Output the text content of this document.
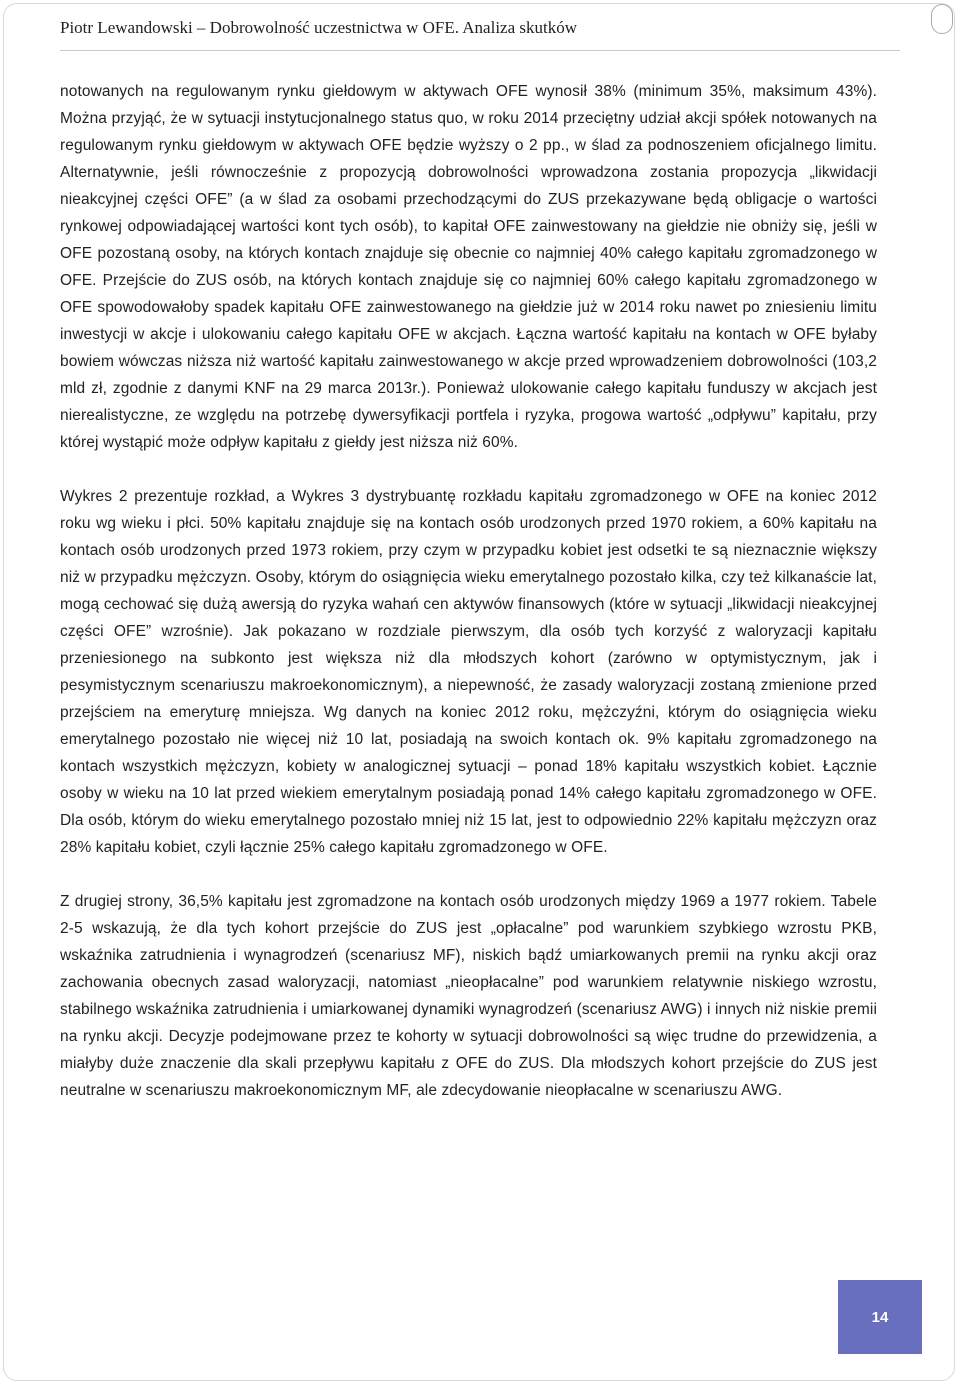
Piotr Lewandowski – Dobrowolność uczestnictwa w OFE. Analiza skutków

notowanych na regulowanym rynku giełdowym w aktywach OFE wynosił 38% (minimum 35%, maksimum 43%). Można przyjąć, że w sytuacji instytucjonalnego status quo, w roku 2014 przeciętny udział akcji spółek notowanych na regulowanym rynku giełdowym w aktywach OFE będzie wyższy o 2 pp., w ślad za podnoszeniem oficjalnego limitu. Alternatywnie, jeśli równocześnie z propozycją dobrowolności wprowadzona zostania propozycja „likwidacji nieakcyjnej części OFE” (a w ślad za osobami przechodzącymi do ZUS przekazywane będą obligacje o wartości rynkowej odpowiadającej wartości kont tych osób), to kapitał OFE zainwestowany na giełdzie nie obniży się, jeśli w OFE pozostaną osoby, na których kontach znajduje się obecnie co najmniej 40% całego kapitału zgromadzonego w OFE. Przejście do ZUS osób, na których kontach znajduje się co najmniej 60% całego kapitału zgromadzonego w OFE spowodowałoby spadek kapitału OFE zainwestowanego na giełdzie już w 2014 roku nawet po zniesieniu limitu inwestycji w akcje i ulokowaniu całego kapitału OFE w akcjach. Łączna wartość kapitału na kontach w OFE byłaby bowiem wówczas niższa niż wartość kapitału zainwestowanego w akcje przed wprowadzeniem dobrowolności (103,2 mld zł, zgodnie z danymi KNF na 29 marca 2013r.). Ponieważ ulokowanie całego kapitału funduszy w akcjach jest nierealistyczne, ze względu na potrzebę dywersyfikacji portfela i ryzyka, progowa wartość „odpływu” kapitału, przy której wystąpić może odpływ kapitału z giełdy jest niższa niż 60%.

Wykres 2 prezentuje rozkład, a Wykres 3 dystrybuantę rozkładu kapitału zgromadzonego w OFE na koniec 2012 roku wg wieku i płci. 50% kapitału znajduje się na kontach osób urodzonych przed 1970 rokiem, a 60% kapitału na kontach osób urodzonych przed 1973 rokiem, przy czym w przypadku kobiet jest odsetki te są nieznacznie większy niż w przypadku mężczyzn. Osoby, którym do osiągnięcia wieku emerytalnego pozostało kilka, czy też kilkanaście lat, mogą cechować się dużą awersją do ryzyka wahań cen aktywów finansowych (które w sytuacji „likwidacji nieakcyjnej części OFE” wzrośnie). Jak pokazano w rozdziale pierwszym, dla osób tych korzyść z waloryzacji kapitału przeniesionego na subkonto jest większa niż dla młodszych kohort (zarówno w optymistycznym, jak i pesymistycznym scenariuszu makroekonomicznym), a niepewność, że zasady waloryzacji zostaną zmienione przed przejściem na emeryturę mniejsza. Wg danych na koniec 2012 roku, mężczyźni, którym do osiągnięcia wieku emerytalnego pozostało nie więcej niż 10 lat, posiadają na swoich kontach ok. 9% kapitału zgromadzonego na kontach wszystkich mężczyzn, kobiety w analogicznej sytuacji – ponad 18% kapitału wszystkich kobiet. Łącznie osoby w wieku na 10 lat przed wiekiem emerytalnym posiadają ponad 14% całego kapitału zgromadzonego w OFE. Dla osób, którym do wieku emerytalnego pozostało mniej niż 15 lat, jest to odpowiednio 22% kapitału mężczyzn oraz 28% kapitału kobiet, czyli łącznie 25% całego kapitału zgromadzonego w OFE.

Z drugiej strony, 36,5% kapitału jest zgromadzone na kontach osób urodzonych między 1969 a 1977 rokiem. Tabele 2-5 wskazują, że dla tych kohort przejście do ZUS jest „opłacalne” pod warunkiem szybkiego wzrostu PKB, wskaźnika zatrudnienia i wynagrodzeń (scenariusz MF), niskich bądź umiarkowanych premii na rynku akcji oraz zachowania obecnych zasad waloryzacji, natomiast „nieopłacalne” pod warunkiem relatywnie niskiego wzrostu, stabilnego wskaźnika zatrudnienia i umiarkowanej dynamiki wynagrodzeń (scenariusz AWG) i innych niż niskie premii na rynku akcji. Decyzje podejmowane przez te kohorty w sytuacji dobrowolności są więc trudne do przewidzenia, a miałyby duże znaczenie dla skali przepływu kapitału z OFE do ZUS. Dla młodszych kohort przejście do ZUS jest neutralne w scenariuszu makroekonomicznym MF, ale zdecydowanie nieopłacalne w scenariuszu AWG.

14
